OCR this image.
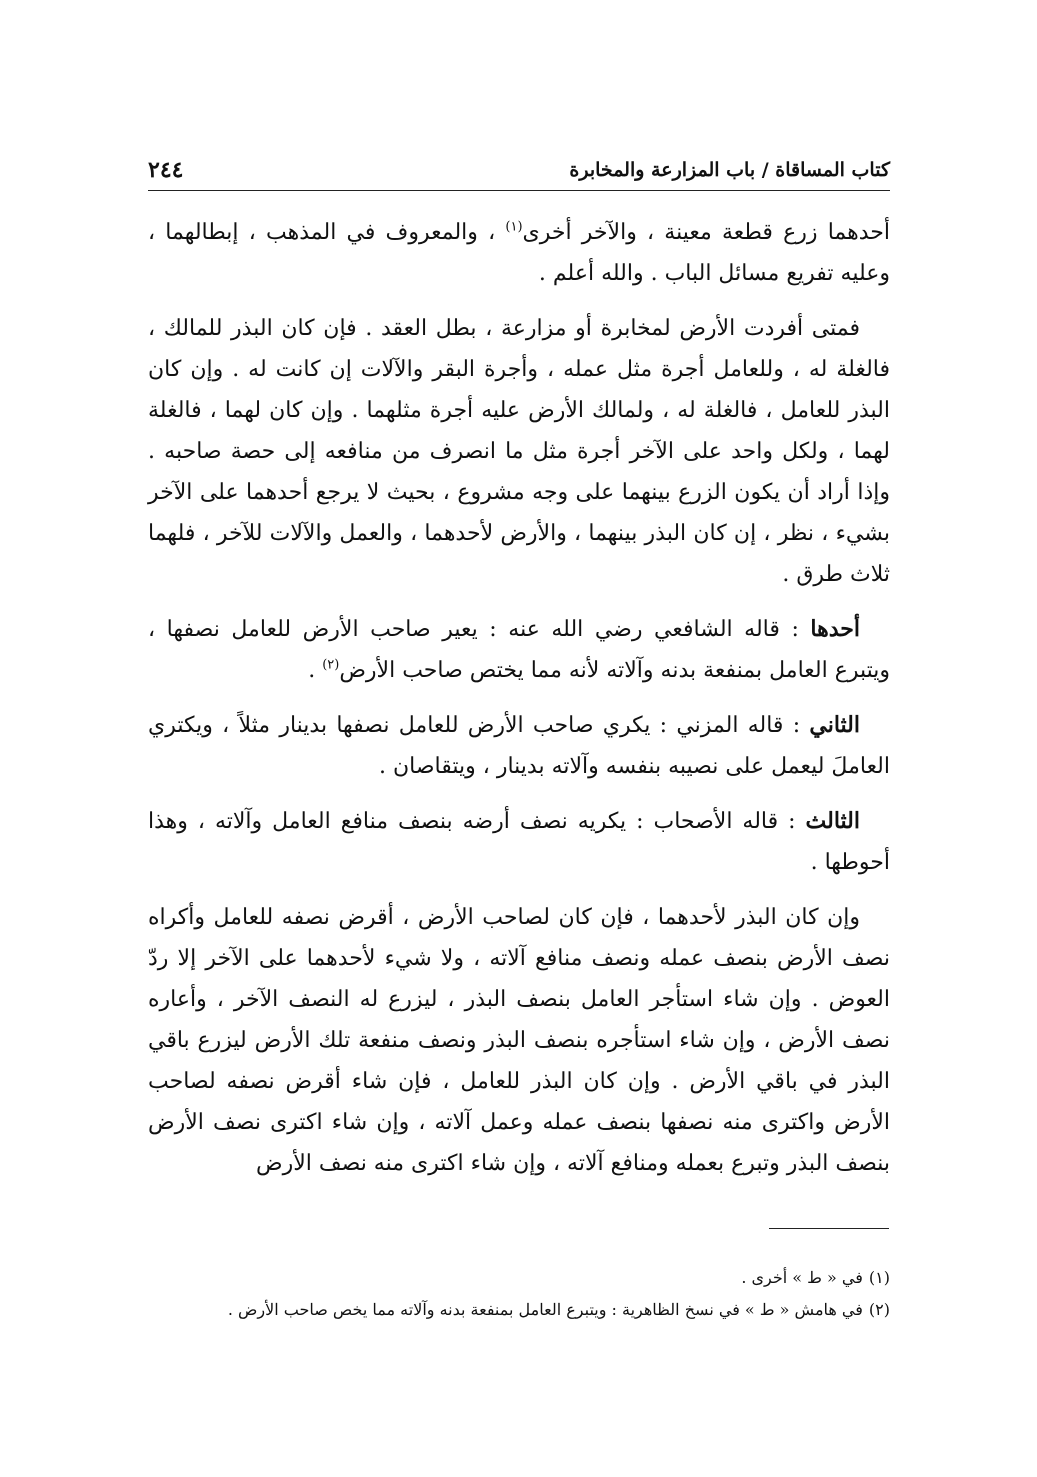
كتاب المساقاة / باب المزارعة والمخابرة
٢٤٤

أحدهما زرع قطعة معينة ، والآخر أخرى$^{(١)}$ ، والمعروف في المذهب ، إبطالهما ، وعليه تفريع مسائل الباب . والله أعلم .

فمتى أفردت الأرض لمخابرة أو مزارعة ، بطل العقد . فإن كان البذر للمالك ، فالغلة له ، وللعامل أجرة مثل عمله ، وأجرة البقر والآلات إن كانت له . وإن كان البذر للعامل ، فالغلة له ، ولمالك الأرض عليه أجرة مثلهما . وإن كان لهما ، فالغلة لهما ، ولكل واحد على الآخر أجرة مثل ما انصرف من منافعه إلى حصة صاحبه . وإذا أراد أن يكون الزرع بينهما على وجه مشروع ، بحيث لا يرجع أحدهما على الآخر بشيء ، نظر ، إن كان البذر بينهما ، والأرض لأحدهما ، والعمل والآلات للآخر ، فلهما ثلاث طرق .

أحدها : قاله الشافعي رضي الله عنه : يعير صاحب الأرض للعامل نصفها ، ويتبرع العامل بمنفعة بدنه وآلاته لأنه مما يختص صاحب الأرض$^{(٢)}$ .

الثاني : قاله المزني : يكري صاحب الأرض للعامل نصفها بدينار مثلاً ، ويكتري العاملَ ليعمل على نصيبه بنفسه وآلاته بدينار ، ويتقاصان .

الثالث : قاله الأصحاب : يكريه نصف أرضه بنصف منافع العامل وآلاته ، وهذا أحوطها .

وإن كان البذر لأحدهما ، فإن كان لصاحب الأرض ، أقرض نصفه للعامل وأكراه نصف الأرض بنصف عمله ونصف منافع آلاته ، ولا شيء لأحدهما على الآخر إلا ردّ العوض . وإن شاء استأجر العامل بنصف البذر ، ليزرع له النصف الآخر ، وأعاره نصف الأرض ، وإن شاء استأجره بنصف البذر ونصف منفعة تلك الأرض ليزرع باقي البذر في باقي الأرض . وإن كان البذر للعامل ، فإن شاء أقرض نصفه لصاحب الأرض واكترى منه نصفها بنصف عمله وعمل آلاته ، وإن شاء اكترى نصف الأرض بنصف البذر وتبرع بعمله ومنافع آلاته ، وإن شاء اكترى منه نصف الأرض

(١)في « ط » أخرى .

(٢)في هامش « ط » في نسخ الظاهرية : ويتبرع العامل بمنفعة بدنه وآلاته مما يخص صاحب الأرض .
